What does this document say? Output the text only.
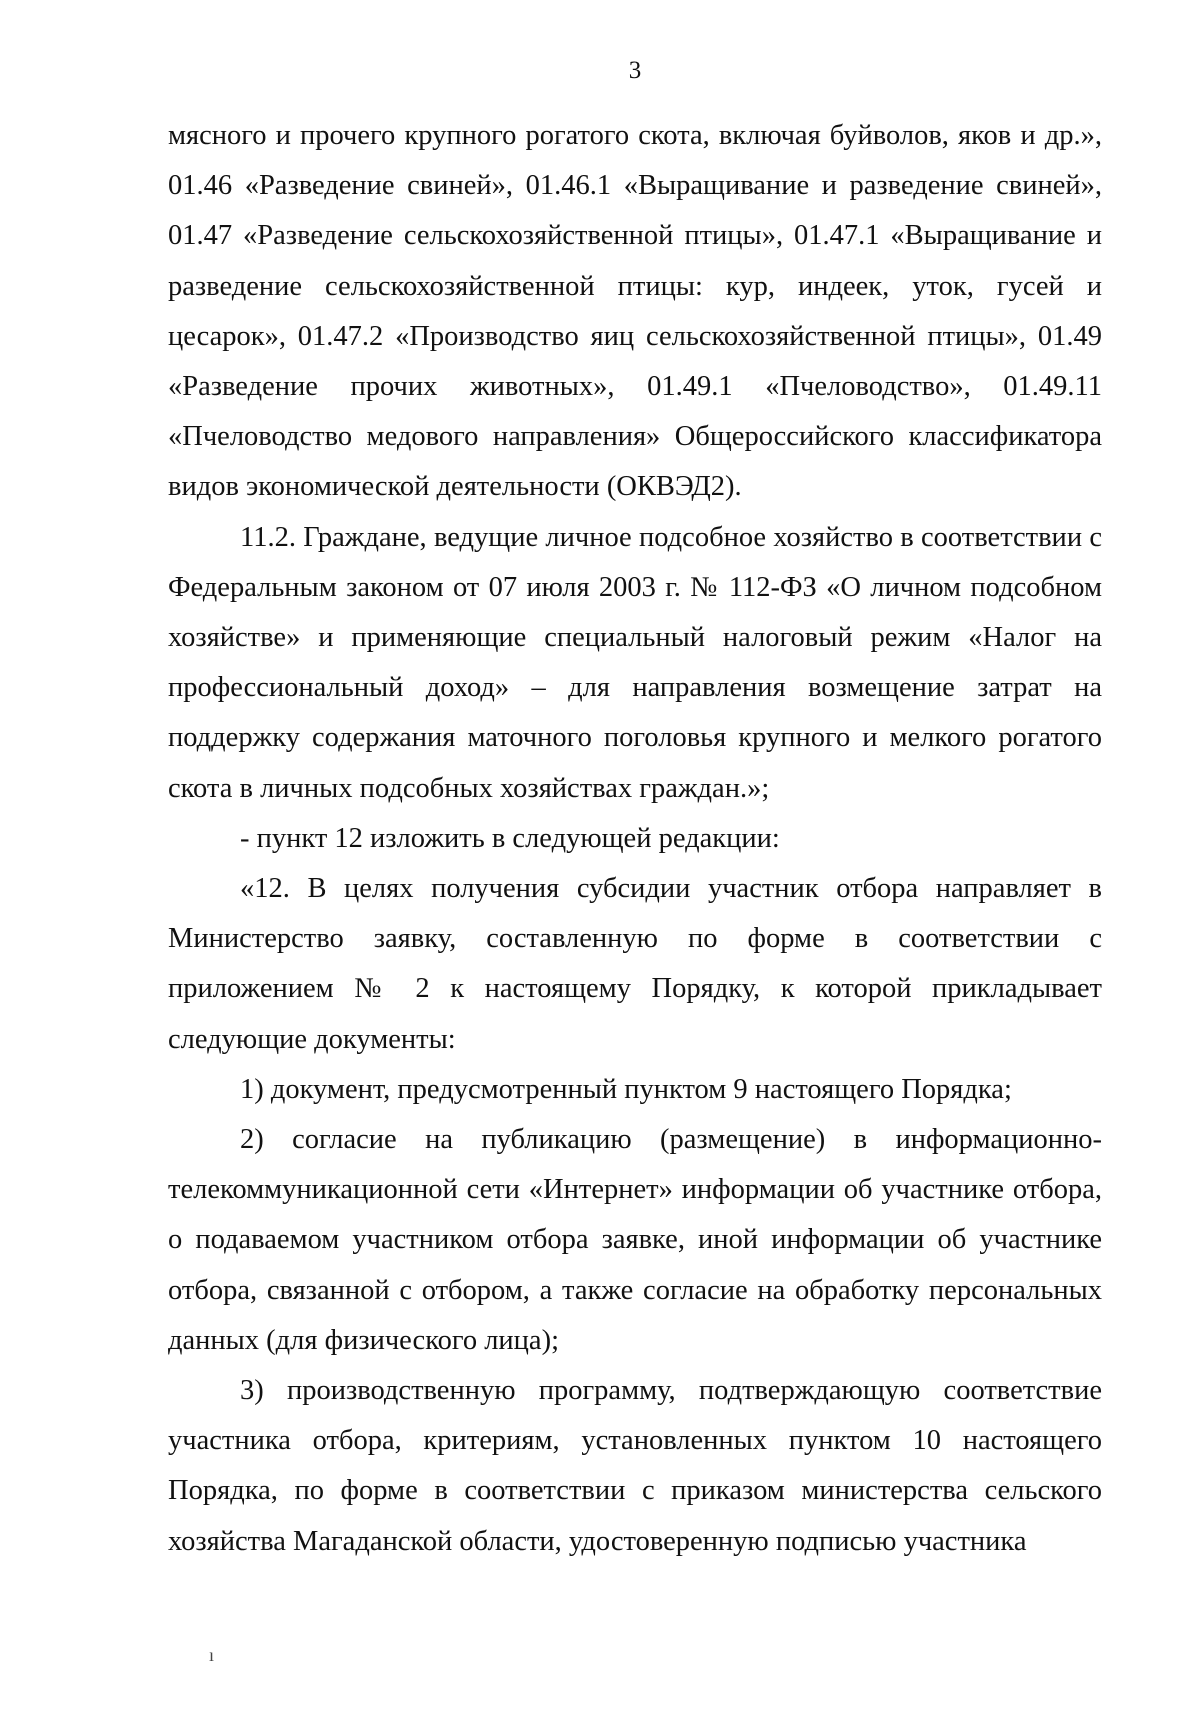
3

мясного и прочего крупного рогатого скота, включая буйволов, яков и др.», 01.46 «Разведение свиней», 01.46.1 «Выращивание и разведение свиней», 01.47 «Разведение сельскохозяйственной птицы», 01.47.1 «Выращивание и разведение сельскохозяйственной птицы: кур, индеек, уток, гусей и цесарок», 01.47.2 «Производство яиц сельскохозяйственной птицы», 01.49 «Разведение прочих животных», 01.49.1 «Пчеловодство», 01.49.11 «Пчеловодство медового направления» Общероссийского классификатора видов экономической деятельности (ОКВЭД2).

11.2. Граждане, ведущие личное подсобное хозяйство в соответствии с Федеральным законом от 07 июля 2003 г. № 112-ФЗ «О личном подсобном хозяйстве» и применяющие специальный налоговый режим «Налог на профессиональный доход» – для направления возмещение затрат на поддержку содержания маточного поголовья крупного и мелкого рогатого скота в личных подсобных хозяйствах граждан.»;

- пункт 12 изложить в следующей редакции:

«12. В целях получения субсидии участник отбора направляет в Министерство заявку, составленную по форме в соответствии с приложением № 2 к настоящему Порядку, к которой прикладывает следующие документы:

1) документ, предусмотренный пунктом 9 настоящего Порядка;

2) согласие на публикацию (размещение) в информационно-телекоммуникационной сети «Интернет» информации об участнике отбора, о подаваемом участником отбора заявке, иной информации об участнике отбора, связанной с отбором, а также согласие на обработку персональных данных (для физического лица);

3) производственную программу, подтверждающую соответствие участника отбора, критериям, установленных пунктом 10 настоящего Порядка, по форме в соответствии с приказом министерства сельского хозяйства Магаданской области, удостоверенную подписью участника

ı
